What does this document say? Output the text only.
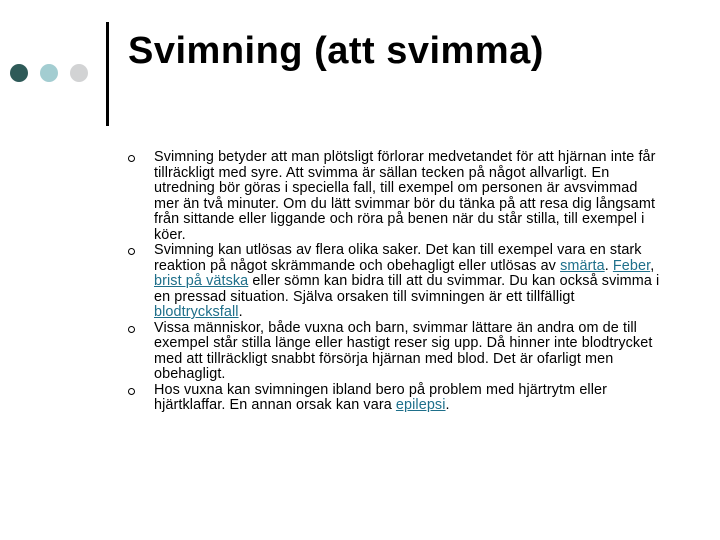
Svimning (att svimma)
Svimning betyder att man plötsligt förlorar medvetandet för att hjärnan inte får tillräckligt med syre. Att svimma är sällan tecken på något allvarligt. En utredning bör göras i speciella fall, till exempel om personen är avsvimmad mer än två minuter. Om du lätt svimmar bör du tänka på att resa dig långsamt från sittande eller liggande och röra på benen när du står stilla, till exempel i köer.
Svimning kan utlösas av flera olika saker. Det kan till exempel vara en stark reaktion på något skrämmande och obehagligt eller utlösas av smärta. Feber, brist på vätska eller sömn kan bidra till att du svimmar. Du kan också svimma i en pressad situation. Själva orsaken till svimningen är ett tillfälligt blodtrycksfall.
Vissa människor, både vuxna och barn, svimmar lättare än andra om de till exempel står stilla länge eller hastigt reser sig upp. Då hinner inte blodtrycket med att tillräckligt snabbt försörja hjärnan med blod. Det är ofarligt men obehagligt.
Hos vuxna kan svimningen ibland bero på problem med hjärtrytm eller hjärtklaffar. En annan orsak kan vara epilepsi.
